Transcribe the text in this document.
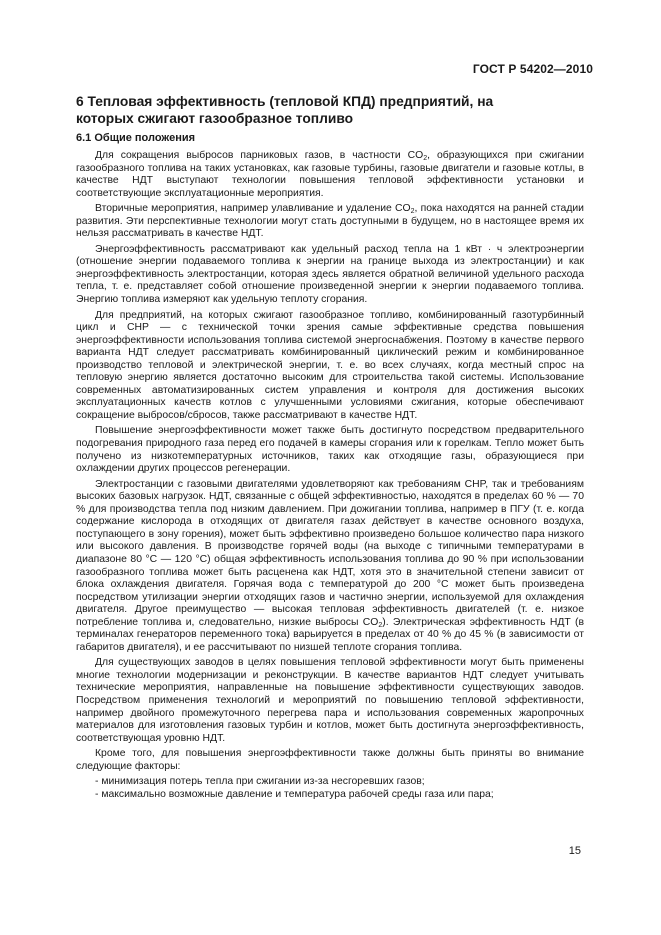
ГОСТ Р 54202—2010
6 Тепловая эффективность (тепловой КПД) предприятий, на которых сжигают газообразное топливо
6.1 Общие положения

Для сокращения выбросов парниковых газов, в частности $CO_2$, образующихся при сжигании газообразного топлива на таких установках, как газовые турбины, газовые двигатели и газовые котлы, в качестве НДТ выступают технологии повышения тепловой эффективности установки и соответствующие эксплуатационные мероприятия.

Вторичные мероприятия, например улавливание и удаление $CO_2$, пока находятся на ранней стадии развития. Эти перспективные технологии могут стать доступными в будущем, но в настоящее время их нельзя рассматривать в качестве НДТ.

Энергоэффективность рассматривают как удельный расход тепла на 1 кВт · ч электроэнергии (отношение энергии подаваемого топлива к энергии на границе выхода из электростанции) и как энергоэффективность электростанции, которая здесь является обратной величиной удельного расхода тепла, т. е. представляет собой отношение произведенной энергии к энергии подаваемого топлива. Энергию топлива измеряют как удельную теплоту сгорания.

Для предприятий, на которых сжигают газообразное топливо, комбинированный газотурбинный цикл и CHP — с технической точки зрения самые эффективные средства повышения энергоэффективности использования топлива системой энергоснабжения. Поэтому в качестве первого варианта НДТ следует рассматривать комбинированный циклический режим и комбинированное производство тепловой и электрической энергии, т. е. во всех случаях, когда местный спрос на тепловую энергию является достаточно высоким для строительства такой системы. Использование современных автоматизированных систем управления и контроля для достижения высоких эксплуатационных качеств котлов с улучшенными условиями сжигания, которые обеспечивают сокращение выбросов/сбросов, также рассматривают в качестве НДТ.

Повышение энергоэффективности может также быть достигнуто посредством предварительного подогревания природного газа перед его подачей в камеры сгорания или к горелкам. Тепло может быть получено из низкотемпературных источников, таких как отходящие газы, образующиеся при охлаждении других процессов регенерации.

Электростанции с газовыми двигателями удовлетворяют как требованиям CHP, так и требованиям высоких базовых нагрузок. НДТ, связанные с общей эффективностью, находятся в пределах 60 % — 70 % для производства тепла под низким давлением. При дожигании топлива, например в ПГУ (т. е. когда содержание кислорода в отходящих от двигателя газах действует в качестве основного воздуха, поступающего в зону горения), может быть эффективно произведено большое количество пара низкого или высокого давления. В производстве горячей воды (на выходе с типичными температурами в диапазоне 80 °C — 120 °C) общая эффективность использования топлива до 90 % при использовании газообразного топлива может быть расценена как НДТ, хотя это в значительной степени зависит от блока охлаждения двигателя. Горячая вода с температурой до 200 °C может быть произведена посредством утилизации энергии отходящих газов и частично энергии, используемой для охлаждения двигателя. Другое преимущество — высокая тепловая эффективность двигателей (т. е. низкое потребление топлива и, следовательно, низкие выбросы $CO_2$). Электрическая эффективность НДТ (в терминалах генераторов переменного тока) варьируется в пределах от 40 % до 45 % (в зависимости от габаритов двигателя), и ее рассчитывают по низшей теплоте сгорания топлива.

Для существующих заводов в целях повышения тепловой эффективности могут быть применены многие технологии модернизации и реконструкции. В качестве вариантов НДТ следует учитывать технические мероприятия, направленные на повышение эффективности существующих заводов. Посредством применения технологий и мероприятий по повышению тепловой эффективности, например двойного промежуточного перегрева пара и использования современных жаропрочных материалов для изготовления газовых турбин и котлов, может быть достигнута энергоэффективность, соответствующая уровню НДТ.

Кроме того, для повышения энергоэффективности также должны быть приняты во внимание следующие факторы:

- минимизация потерь тепла при сжигании из-за несгоревших газов;

- максимально возможные давление и температура рабочей среды газа или пара;

15
